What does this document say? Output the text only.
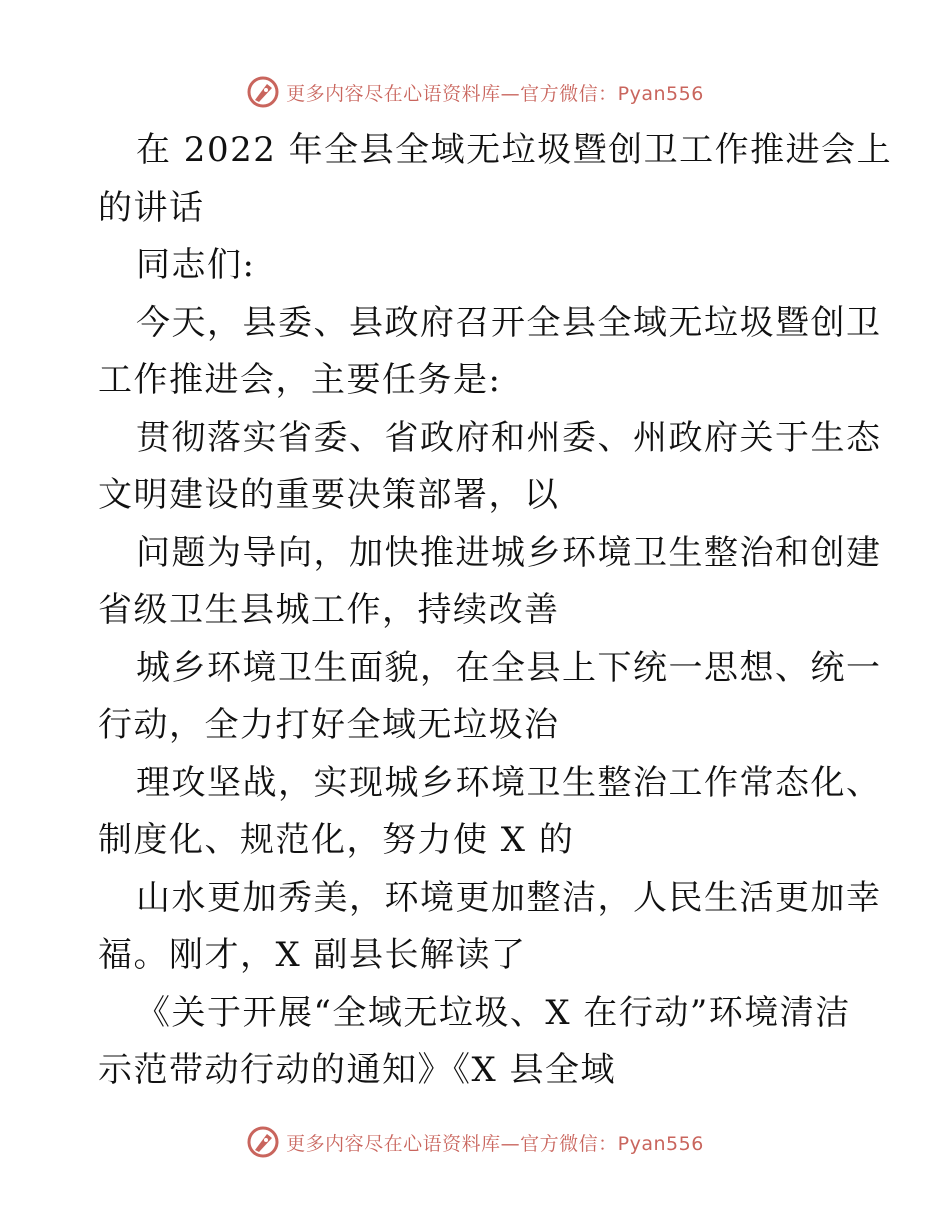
更多内容尽在心语资料库—官方微信：Pyan556
在 2022 年全县全域无垃圾暨创卫工作推进会上
的讲话
同志们:
今天，县委、县政府召开全县全域无垃圾暨创卫
工作推进会，主要任务是:
贯彻落实省委、省政府和州委、州政府关于生态
文明建设的重要决策部署，以
问题为导向，加快推进城乡环境卫生整治和创建
省级卫生县城工作，持续改善
城乡环境卫生面貌，在全县上下统一思想、统一
行动，全力打好全域无垃圾治
理攻坚战，实现城乡环境卫生整治工作常态化、
制度化、规范化，努力使 X 的
山水更加秀美，环境更加整洁，人民生活更加幸
福。刚才，X 副县长解读了
《关于开展“全域无垃圾、X 在行动”环境清洁
示范带动行动的通知》《X 县全域
更多内容尽在心语资料库—官方微信：Pyan556
